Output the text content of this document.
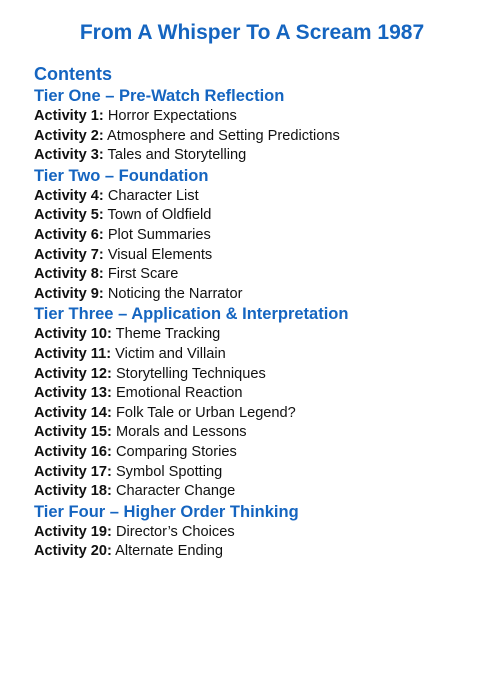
From A Whisper To A Scream 1987
Contents
Tier One – Pre-Watch Reflection
Activity 1: Horror Expectations
Activity 2: Atmosphere and Setting Predictions
Activity 3: Tales and Storytelling
Tier Two – Foundation
Activity 4: Character List
Activity 5: Town of Oldfield
Activity 6: Plot Summaries
Activity 7: Visual Elements
Activity 8: First Scare
Activity 9: Noticing the Narrator
Tier Three – Application & Interpretation
Activity 10: Theme Tracking
Activity 11: Victim and Villain
Activity 12: Storytelling Techniques
Activity 13: Emotional Reaction
Activity 14: Folk Tale or Urban Legend?
Activity 15: Morals and Lessons
Activity 16: Comparing Stories
Activity 17: Symbol Spotting
Activity 18: Character Change
Tier Four – Higher Order Thinking
Activity 19: Director’s Choices
Activity 20: Alternate Ending
